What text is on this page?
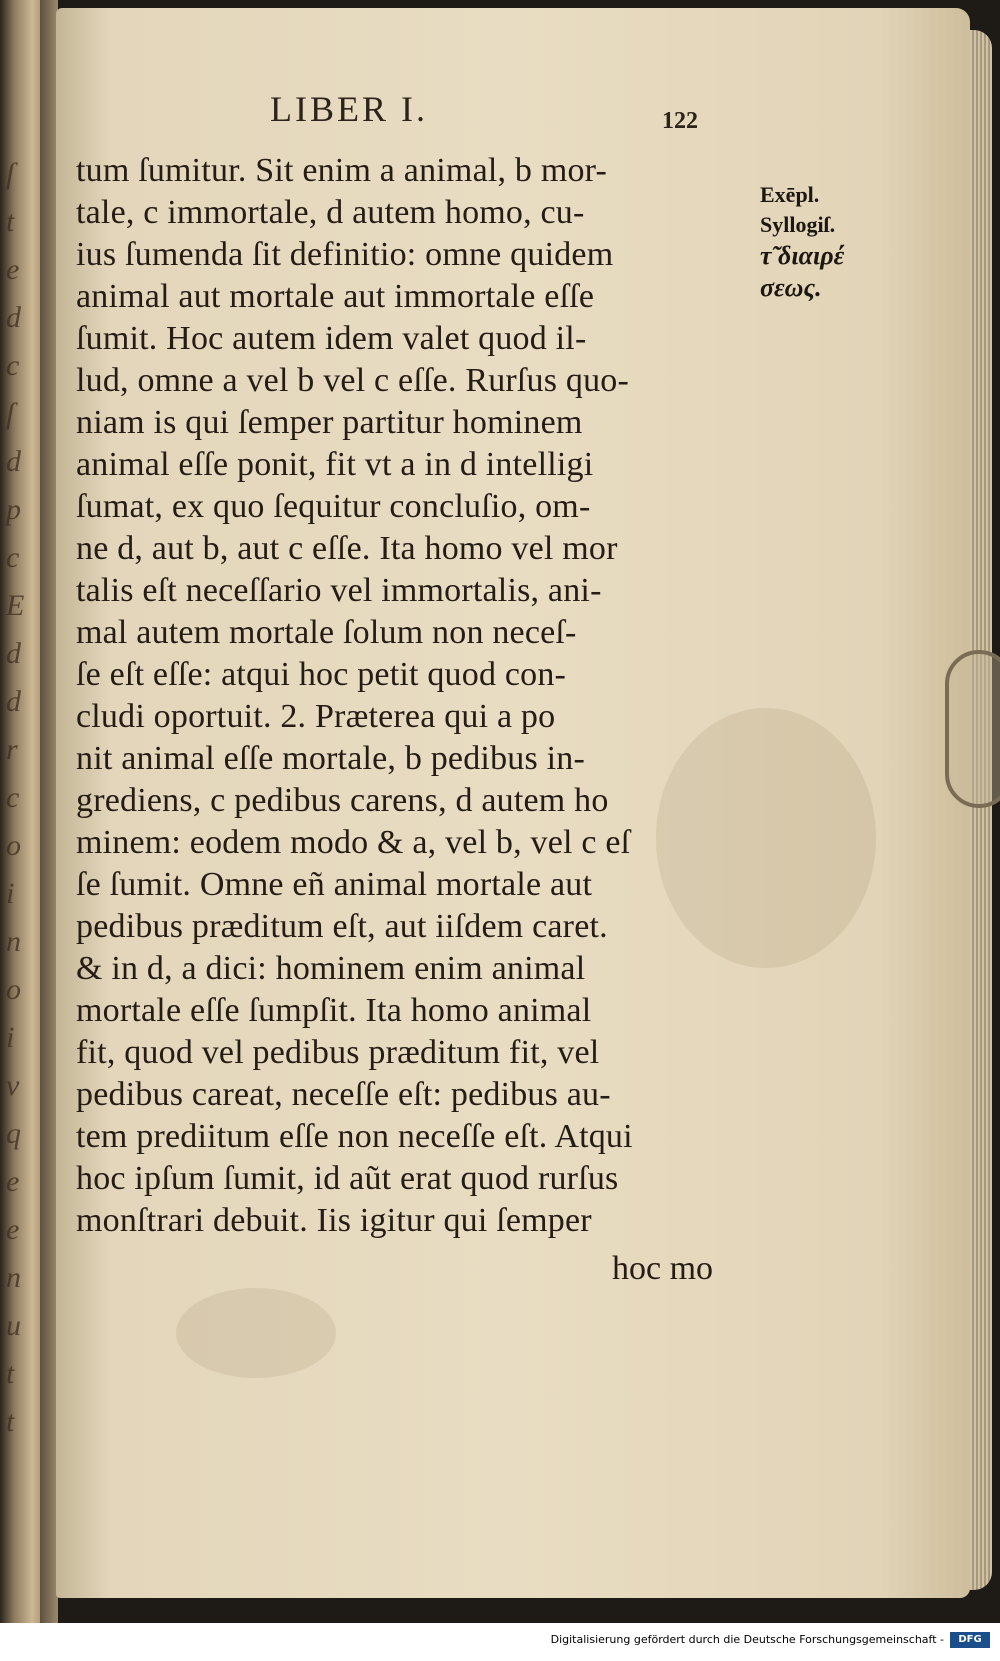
ſ
t
e
d
c
ſ
d
p
c
E
d
d
r
c
o
i
n
o
i
v
q
e
e
n
u
t
t
LIBER I.	122
tum ſumitur. Sit enim a animal, b mor-
tale, c immortale, d autem homo, cu-
ius ſumenda ſit definitio: omne quidem
animal aut mortale aut immortale eſſe
ſumit. Hoc autem idem valet quod il-
lud, omne a vel b vel c eſſe. Rurſus quo-
niam is qui ſemper partitur hominem
animal eſſe ponit, fit vt a in d intelligi
ſumat, ex quo ſequitur concluſio, om-
ne d, aut b, aut c eſſe. Ita homo vel mor
talis eſt neceſſario vel immortalis, ani-
mal autem mortale ſolum non neceſ-
ſe eſt eſſe: atqui hoc petit quod con-
cludi oportuit. 2. Præterea qui a po
nit animal eſſe mortale, b pedibus in-
grediens, c pedibus carens, d autem ho
minem: eodem modo & a, vel b, vel c eſ
ſe ſumit. Omne eñ animal mortale aut
pedibus præditum eſt, aut iiſdem caret.
& in d, a dici: hominem enim animal
mortale eſſe ſumpſit. Ita homo animal
fit, quod vel pedibus præditum fit, vel
pedibus careat, neceſſe eſt: pedibus au-
tem prediitum eſſe non neceſſe eſt. Atqui
hoc ipſum ſumit, id aũt erat quod rurſus
monſtrari debuit. Iis igitur qui ſemper
hoc mo
Exēpl.
Syllogiſ.
τ̃ διαιρέ
σεως.
Digitalisierung gefördert durch die Deutsche Forschungsgemeinschaft -	DFG
